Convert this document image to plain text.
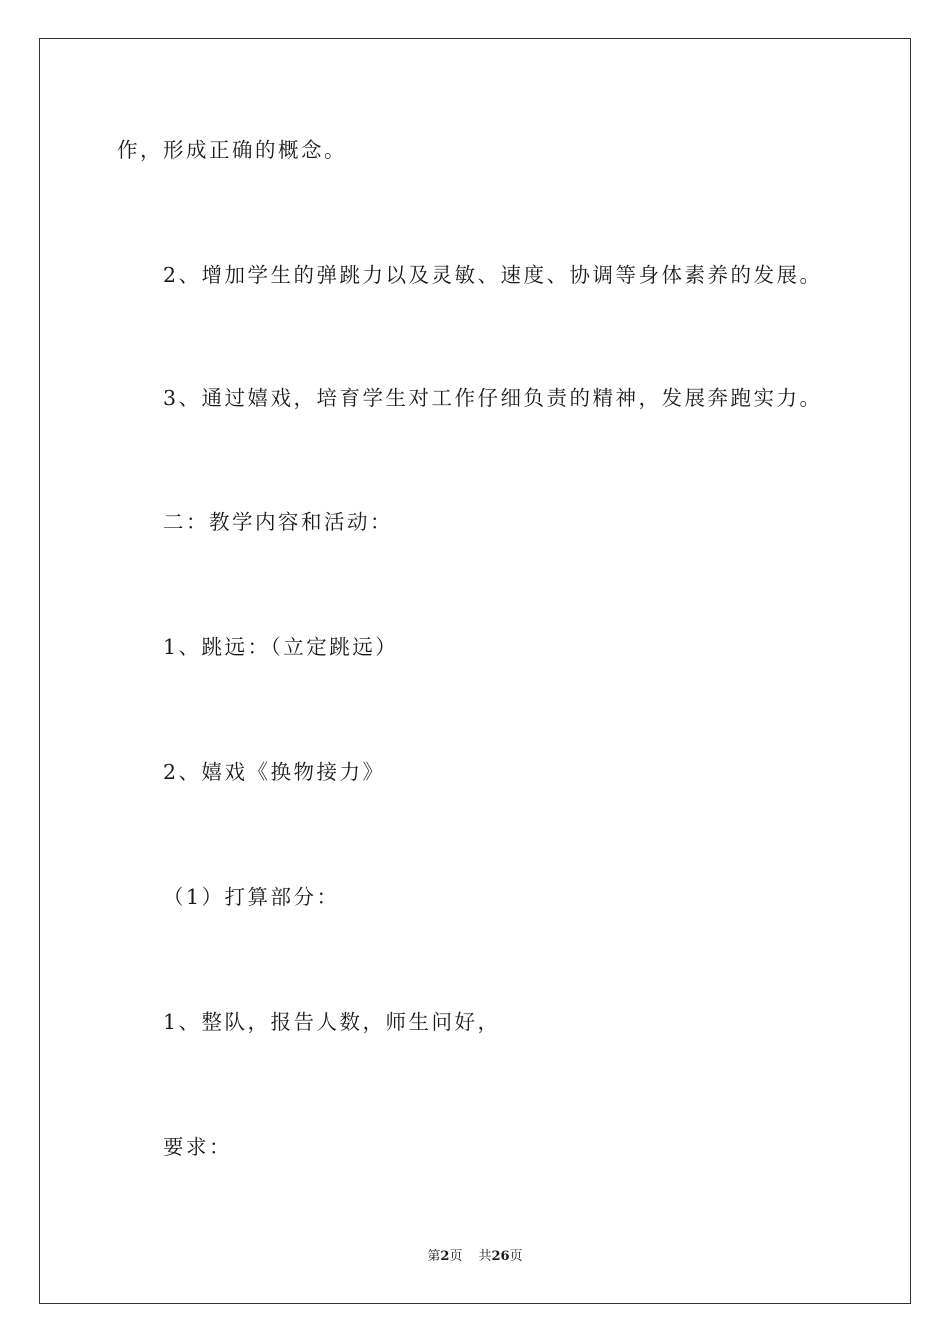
作，形成正确的概念。
2、增加学生的弹跳力以及灵敏、速度、协调等身体素养的发展。
3、通过嬉戏，培育学生对工作仔细负责的精神，发展奔跑实力。
二：教学内容和活动：
1、跳远：（立定跳远）
2、嬉戏《换物接力》
（1）打算部分：
1、整队，报告人数，师生问好，
要求：
第2页 共26页
